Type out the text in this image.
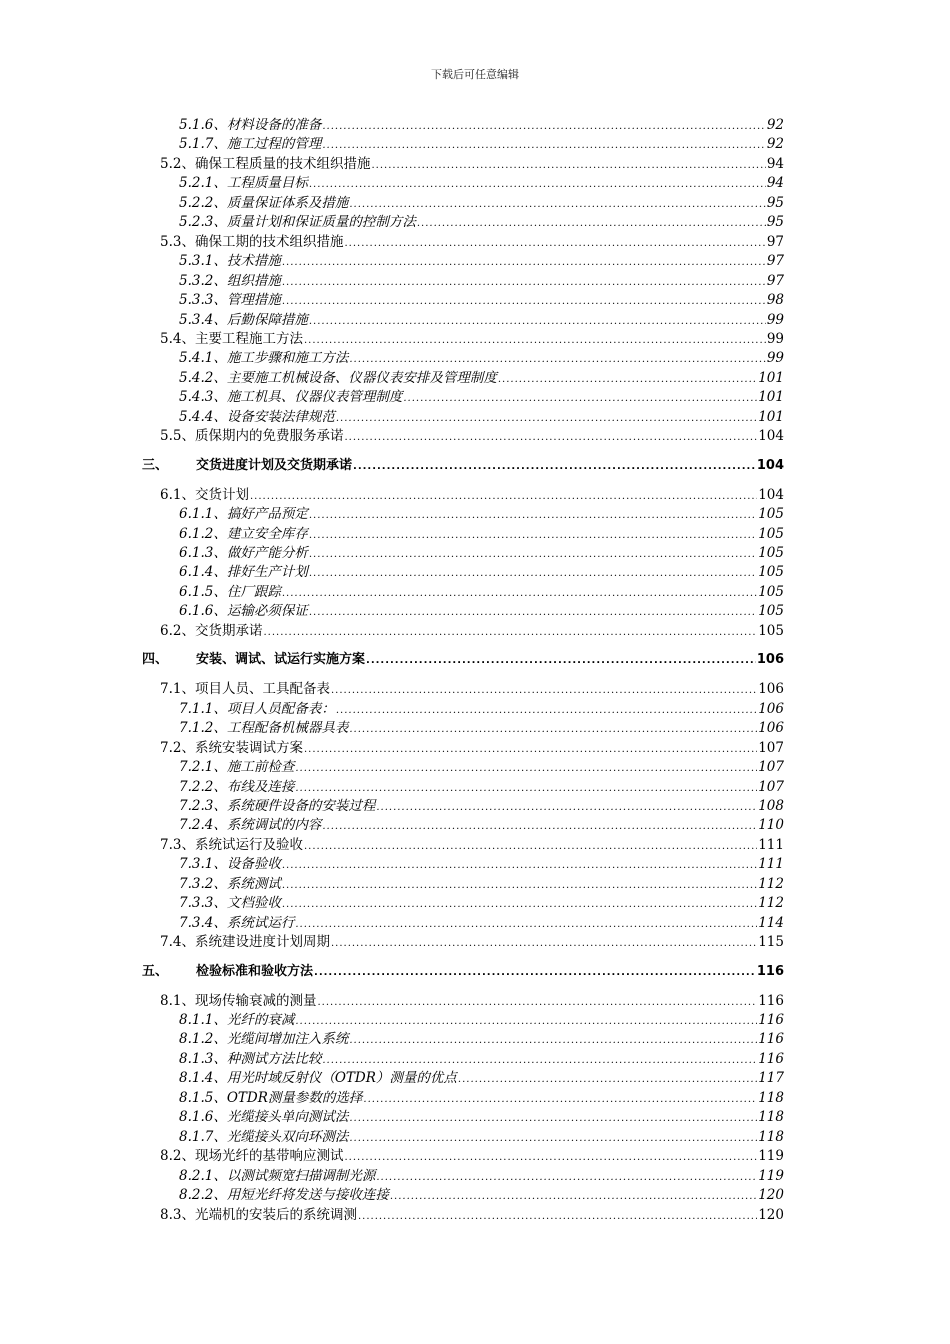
下载后可任意编辑
5.1.6 、 材料设备的准备 .....	92
5.1.7 、 施工过程的管理 .....	92
5.2 、 确保工程质量的技术组织措施 .....	94
5.2.1 、 工程质量目标 .....	94
5.2.2 、 质量保证体系及措施 .....	95
5.2.3 、 质量计划和保证质量的控制方法 .....	95
5.3 、 确保工期的技术组织措施 .....	97
5.3.1 、 技术措施 .....	97
5.3.2 、 组织措施 .....	97
5.3.3 、 管理措施 .....	98
5.3.4 、 后勤保障措施 .....	99
5.4 、 主要工程施工方法 .....	99
5.4.1 、 施工步骤和施工方法 .....	99
5.4.2 、 主要施工机械设备、仪器仪表安排及管理制度 .....	101
5.4.3 、 施工机具、仪器仪表管理制度 .....	101
5.4.4 、 设备安装法律规范 .....	101
5.5 、 质保期内的免费服务承诺 .....	104
三、	交货进度计划及交货期承诺 .....	104
6.1 、 交货计划 .....	104
6.1.1 、 搞好产品预定 .....	105
6.1.2 、 建立安全库存 .....	105
6.1.3 、 做好产能分析 .....	105
6.1.4 、 排好生产计划 .....	105
6.1.5 、 住厂跟踪 .....	105
6.1.6 、 运输必须保证 .....	105
6.2 、 交货期承诺 .....	105
四、	安装、调试、试运行实施方案 .....	106
7.1 、 项目人员、工具配备表 .....	106
7.1.1 、 项目人员配备表： .....	106
7.1.2 、 工程配备机械器具表 .....	106
7.2 、 系统安装调试方案 .....	107
7.2.1 、 施工前检查 .....	107
7.2.2 、 布线及连接 .....	107
7.2.3 、 系统硬件设备的安装过程 .....	108
7.2.4 、 系统调试的内容 .....	110
7.3 、 系统试运行及验收 .....	111
7.3.1 、 设备验收 .....	111
7.3.2 、 系统测试 .....	112
7.3.3 、 文档验收 .....	112
7.3.4 、 系统试运行 .....	114
7.4 、 系统建设进度计划周期 .....	115
五、	检验标准和验收方法 .....	116
8.1 、 现场传输衰减的测量 .....	116
8.1.1 、 光纤的衰减 .....	116
8.1.2 、 光缆间增加注入系统 .....	116
8.1.3 、 种测试方法比较 .....	116
8.1.4 、 用光时域反射仪（OTDR）测量的优点 .....	117
8.1.5 、 OTDR测量参数的选择 .....	118
8.1.6 、 光缆接头单向测试法 .....	118
8.1.7 、 光缆接头双向环测法 .....	118
8.2 、 现场光纤的基带响应测试 .....	119
8.2.1 、 以测试频宽扫描调制光源 .....	119
8.2.2 、 用短光纤将发送与接收连接 .....	120
8.3 、 光端机的安装后的系统调测 .....	120
